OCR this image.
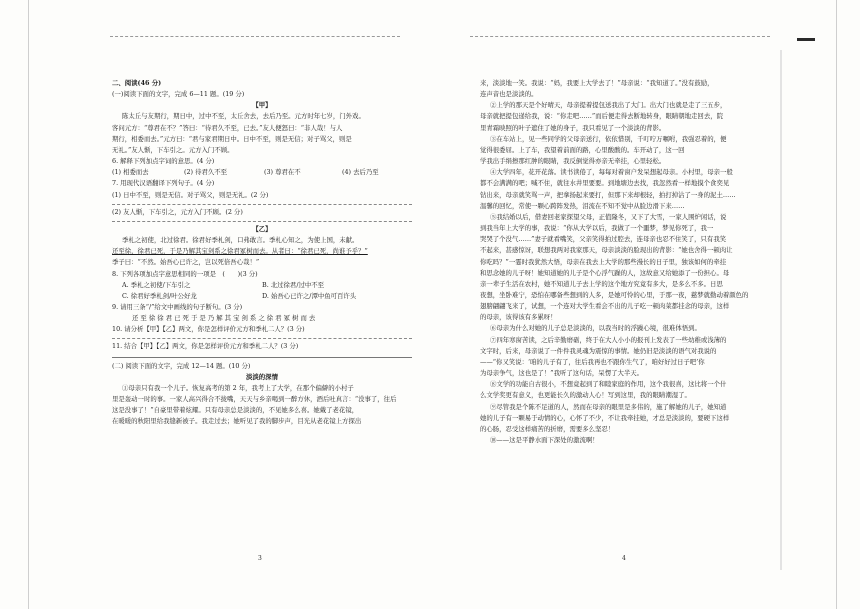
二、阅读(46 分)

(一)阅读下面的文字，完成 6—11 题。(19 分)

【甲】

陈太丘与友期行，期日中，过中不至，太丘舍去，去后乃至。元方时年七岁，门外戏。

客问元方：“尊君在不？”答曰：“待君久不至，已去。”友人便怒曰：“非人哉！与人

期行，相委而去。”元方曰：“君与家君期日中。日中不至，则是无信；对子骂父，则是

无礼。”友人惭，下车引之。元方入门不顾。

6. 解释下列加点字词的意思。(4 分)

(1) 相委而去	(2) 待君久不至	(3) 尊君在不	(4) 去后乃至

7. 用现代汉语翻译下列句子。(4 分)

(1) 日中不至，则是无信。对子骂父，则是无礼。(2 分)

(2) 友人惭，下车引之，元方入门不顾。(2 分)

【乙】

季札之初使，北过徐君。徐君好季札剑，口弗敢言。季札心知之，为使上国，未献。

还至徐，徐君已死，于是乃解其宝剑系之徐君冢树而去。从者曰：“徐君已死，尚谁予乎？”

季子曰：“不然。始吾心已许之，岂以死倍吾心哉！”

8. 下列各项加点字意思相同的一项是　(　　)(3 分)

A. 季札之初使/下车引之	B. 北过徐君/过中不至

C. 徐君好季札剑/叶公好龙	D. 始吾心已许之/潭中鱼可百许头

9. 请用三条“/”给文中画线的句子断句。(3 分)

还 至 徐 徐 君 已 死 于 是 乃 解 其 宝 剑 系 之 徐 君 冢 树 而 去

10. 请分析【甲】【乙】两文，你是怎样评价元方和季札二人？(3 分)

11. 结合【甲】【乙】两文，你是怎样评价元方和季札二人？(3 分)

(二) 阅读下面的文字，完成 12—14 题。(10 分)

淡淡的深情

①母亲只有我一个儿子。恢复高考的第 2 年，我考上了大学，在那个偏僻的小村子

里是轰动一时的事。一家人高兴得合不拢嘴，天天与乡亲喝到一醉方休，酒后吐真言：“没事了，往后

这是没事了！”自豪里带着炫耀。只有母亲总是淡淡的，不见她多么喜。她戴了老花镜，

在暖暖的秋阳里给我缝新被子。我走过去；她听见了我的脚步声，目光从老花镜上方探出

3

来，淡淡地一笑。我说：“妈，我要上大学去了！”母亲说：“我知道了。”没有鼓励，

连声音也是淡淡的。

②上学的那天是个好晴天，母亲提着提包送我出了大门。出大门也就是走了三五步，

母亲就把提包递给我，说：“你走吧……”而后便走得去断地转身，眼睛朝地走回去，院

里青霜映照的叶子遮住了她的身子，我只看见了一个淡淡的背影。

③在车站上，见一些同学的父母亲送行，依依惜别，千叮咛万嘱咐，我强忍着的，便

觉得很委屈。上了车，我望着前面的路，心里酸酸的。车开动了，这一回

学我出手绢擦那红肿的眼睛，我反倒觉得亦亲无牵挂，心里轻松。

④大学四年，花开花落。读书读倦了，每每对着窗户发呆想起母亲。小村里，母亲一般

都不会满满的吧；喊不住，就往水井里要要。到地塘边去找，我忽然看一样地摸个食奕见

钻出来，母亲就笑骂一声，把拿扬起来要打，但那下来却根轻，拍打掉沾了一身的泥土……

温馨的回忆，常使一颗心跨阵发热，泪流在不知不觉中从脸边滑下来……

⑤我结婚以后，借妻回老家探望父母，正值隆冬，又下了大雪，一家人围炉闲话，说

到我当年上大学的事，我说：“你从大学以后，我做了一个噩梦，梦见你死了，我一

哭哭了个没气……”妻子就看嘴笑，父亲笑得拍过腔去，连母亲也忍不住笑了，只有我笑

不起来，甚感惊讶，联想我两对我家那天，母亲淡淡的脸现出的背影：“她也舍得一顿肉让

你吃吗？”一霎时我犹然大悟，母亲在我去上大学的那些漫长的日子里，独该如何的牵挂

和思念她的儿子呀！她知道她的儿子是个心浮气躁的人，这故意又给她添了一份担心。母

亲一辈子生活在农村，她不知道儿子去上学的这个地方究竟有多大，是多么不多。日思

夜想，坐卧难宁，恐怕在哪备些想到的人多，是她可怜的心里，于那一夜，慈梦就勤动着颜色的

翅膀翩翩飞来了，试想，一个连对大学生看会不出的儿子吃一顿肉菜都挂念的母亲，这样

的母亲，该得该有多累呀！

⑥母亲为什么对她的儿子总是淡淡的，以我当时的浮躁心境，很难体悟到。

⑦四年寒窗苦读，之后辛勤磨砺，终于在大人小小的报刊上发表了一些幼稚或浅薄的

文字时，后来，母亲说了一件件我灵魂为震惊的事情。她仍旧是淡淡的语气对我说的

——“你又笑说：‘咱的儿子有了，往后我再也不跟你生气了，咱好好过日子吧’你

为母亲争气，这也是了！”我听了这句话，呆愣了大半天。

⑧文学的功能自古很小，不想竟起到了和睦家庭的作用，这个我很喜，这比将一个什

么文学奖更有意义，也更能长久的激动人心！写到这里，我的眼睛潮湿了。

⑨尽管我是个陈不足道的人，然而在母亲的眼里是多伟的，施了解她的儿子，她知道

她的儿子有一颗易于动情的心，心怀了不少，不让我牵挂她，才总是淡淡的，要硬下这样

的心肠，忍受这样痛苦的折磨，需要多么坚忍！

⑩——这是平静水面下深处的激流啊！

4
